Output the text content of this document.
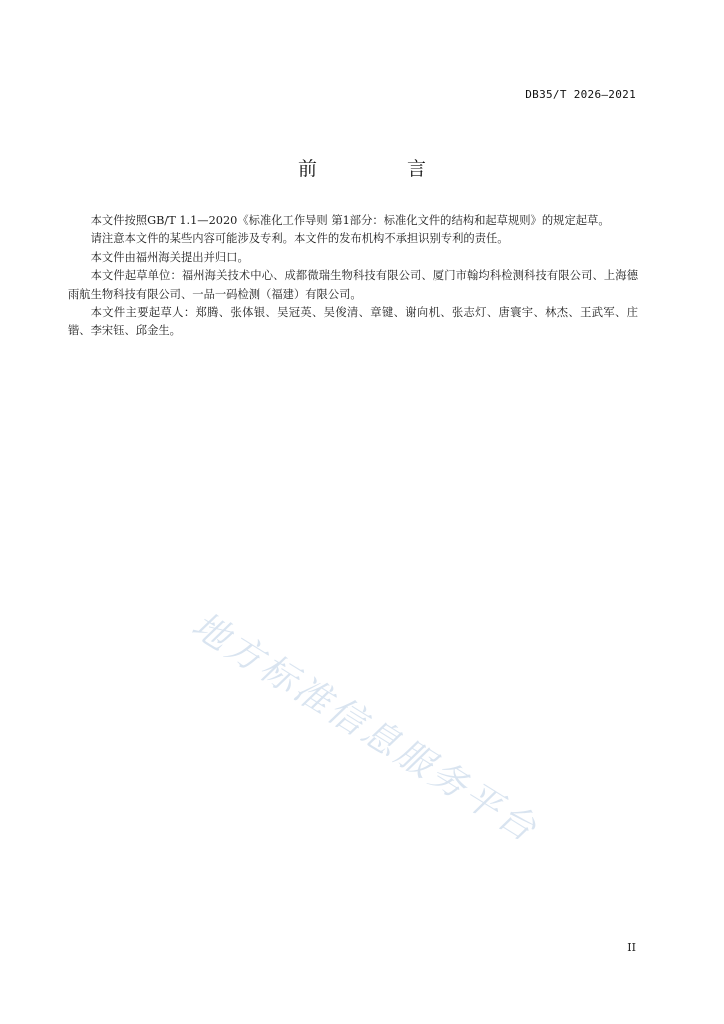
DB35/T 2026—2021
前 言

本文件按照GB/T 1.1—2020《标准化工作导则 第1部分：标准化文件的结构和起草规则》的规定起草。

请注意本文件的某些内容可能涉及专利。本文件的发布机构不承担识别专利的责任。

本文件由福州海关提出并归口。

本文件起草单位：福州海关技术中心、成都微瑞生物科技有限公司、厦门市翰均科检测科技有限公司、上海德雨航生物科技有限公司、一品一码检测（福建）有限公司。

本文件主要起草人：郑腾、张体银、吴冠英、吴俊清、章键、谢向机、张志灯、唐寰宇、林杰、王武军、庄锴、李宋钰、邱金生。

地方标准信息服务平台
II
